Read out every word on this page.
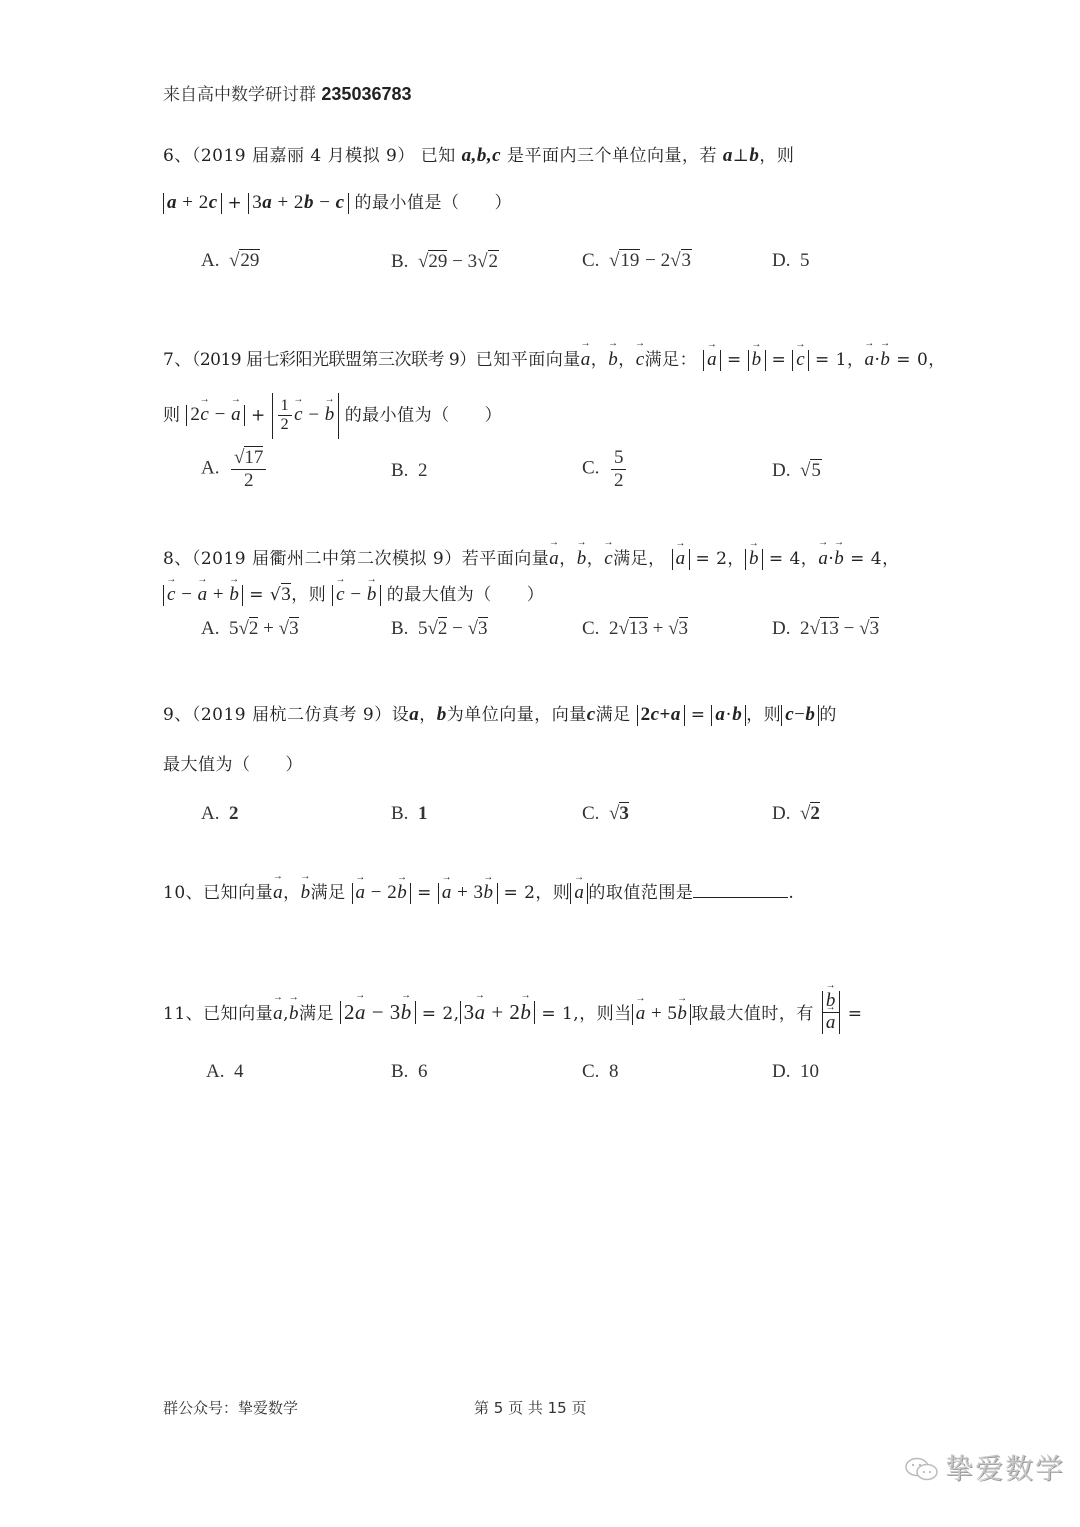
来自高中数学研讨群 235036783
6、（2019 届嘉丽 4 月模拟 9） 已知 a,b,c 是平面内三个单位向量，若 a⊥b，则
a + 2c + 3a + 2b − c 的最小值是（　　）
A.  √29	B.  √29 − 3√2	C.  √19 − 2√3	D. 5
7、（2019 届七彩阳光联盟第三次联考 9）已知平面向量→ a，→ b，→ c满足： → a = → b = → c = 1，→ a·→ b = 0，
则 2→ c − → $a + \frac{1}{2} \to c$ − → b 的最小值为（　　）
A. $\frac{√17}{2}$	B. 2	C. $\frac{5}{2}$	D.  √5
8、（2019 届衢州二中第二次模拟 9）若平面向量→ a，→ b，→ c满足， → a = 2， → b = 4，→ a·→ b = 4，
→ c − → a + → b = √3，则 → c − → b 的最大值为（　　）
A.  5√2 + √3	B.  5√2 − √3	C.  2√13 + √3	D.  2√13 − √3
9、（2019 届杭二仿真考 9）设a，b为单位向量，向量c满足 2c+a = a·b ，则 c−b 的
最大值为（　　）
A. 2	B. 1	C.  √3	D.  √2
10、已知向量→ a，→ b满足 → a − 2→ b = → a + 3→ b = 2，则 → a 的取值范围是	.
11、已知向量→ a,→ b满足 2→ a − 3→ b = 2, 3→ a + 2→ b = 1,，则当 → a + 5→ b 取最大值时，有 → b
→ a =
A. 4	B. 6	C. 8	D. 10
群公众号：挚爱数学	第 5 页 共 15 页
挚爱数学
